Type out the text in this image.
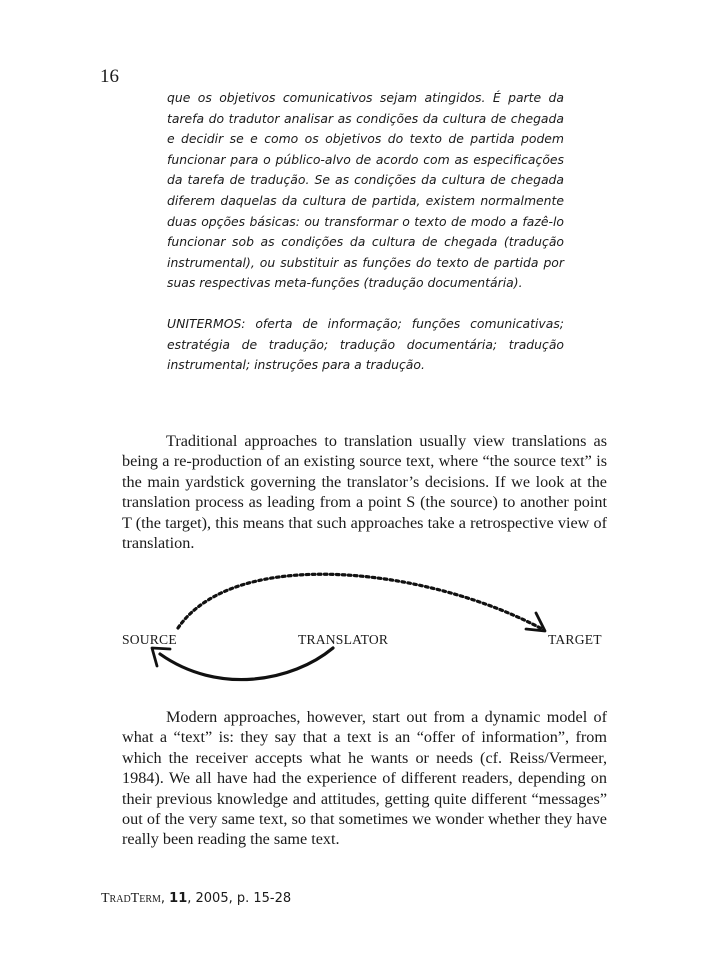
16

que os objetivos comunicativos sejam atingidos. É parte da tarefa do tradutor analisar as condições da cultura de chegada e decidir se e como os objetivos do texto de partida podem funcionar para o público-alvo de acordo com as especificações da tarefa de tradução. Se as condições da cultura de chegada diferem daquelas da cultura de partida, existem normalmente duas opções básicas: ou transformar o texto de modo a fazê-lo funcionar sob as condições da cultura de chegada (tradução instrumental), ou substituir as funções do texto de partida por suas respectivas meta-funções (tradução documentária).

UNITERMOS: oferta de informação; funções comunicativas; estratégia de tradução; tradução documentária; tradução instrumental; instruções para a tradução.

Traditional approaches to translation usually view translations as being a re-production of an existing source text, where “the source text” is the main yardstick governing the translator’s decisions. If we look at the translation process as leading from a point S (the source) to another point T (the target), this means that such approaches take a retrospective view of translation.

SOURCE	TRANSLATOR	TARGET

Modern approaches, however, start out from a dynamic model of what a “text” is: they say that a text is an “offer of information”, from which the receiver accepts what he wants or needs (cf. Reiss/Vermeer, 1984). We all have had the experience of different readers, depending on their previous knowledge and attitudes, getting quite different “messages” out of the very same text, so that sometimes we wonder whether they have really been reading the same text.

TradTerm, 11, 2005, p. 15-28
